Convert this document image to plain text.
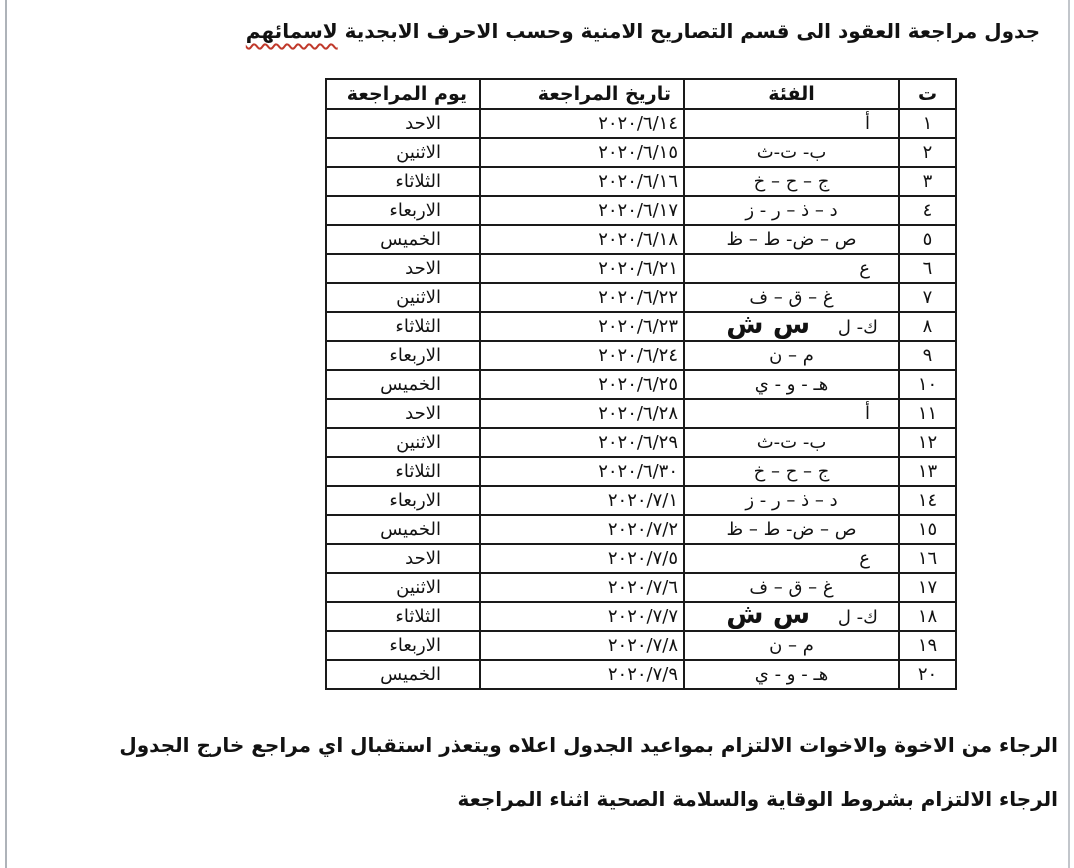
جدول مراجعة العقود الى قسم التصاريح الامنية وحسب الاحرف الابجدية لاسمائهم
ت	الفئة	تاريخ المراجعة	يوم المراجعة
١	أ	٢٠٢٠/٦/١٤	الاحد
٢	ب- ت-ث	٢٠٢٠/٦/١٥	الاثنين
٣	ج – ح – خ	٢٠٢٠/٦/١٦	الثلاثاء
٤	د – ذ – ر - ز	٢٠٢٠/٦/١٧	الاربعاء
٥	ص – ض- ط – ظ	٢٠٢٠/٦/١٨	الخميس
٦	ع	٢٠٢٠/٦/٢١	الاحد
٧	غ – ق – ف	٢٠٢٠/٦/٢٢	الاثنين
٨	ك- ل س ش	٢٠٢٠/٦/٢٣	الثلاثاء
٩	م – ن	٢٠٢٠/٦/٢٤	الاربعاء
١٠	هـ - و - ي	٢٠٢٠/٦/٢٥	الخميس
١١	أ	٢٠٢٠/٦/٢٨	الاحد
١٢	ب- ت-ث	٢٠٢٠/٦/٢٩	الاثنين
١٣	ج – ح – خ	٢٠٢٠/٦/٣٠	الثلاثاء
١٤	د – ذ – ر - ز	٢٠٢٠/٧/١	الاربعاء
١٥	ص – ض- ط – ظ	٢٠٢٠/٧/٢	الخميس
١٦	ع	٢٠٢٠/٧/٥	الاحد
١٧	غ – ق – ف	٢٠٢٠/٧/٦	الاثنين
١٨	ك- ل س ش	٢٠٢٠/٧/٧	الثلاثاء
١٩	م – ن	٢٠٢٠/٧/٨	الاربعاء
٢٠	هـ - و - ي	٢٠٢٠/٧/٩	الخميس

الرجاء من الاخوة والاخوات الالتزام بمواعيد الجدول اعلاه ويتعذر استقبال اي مراجع خارج الجدول

الرجاء الالتزام بشروط الوقاية والسلامة الصحية اثناء المراجعة
